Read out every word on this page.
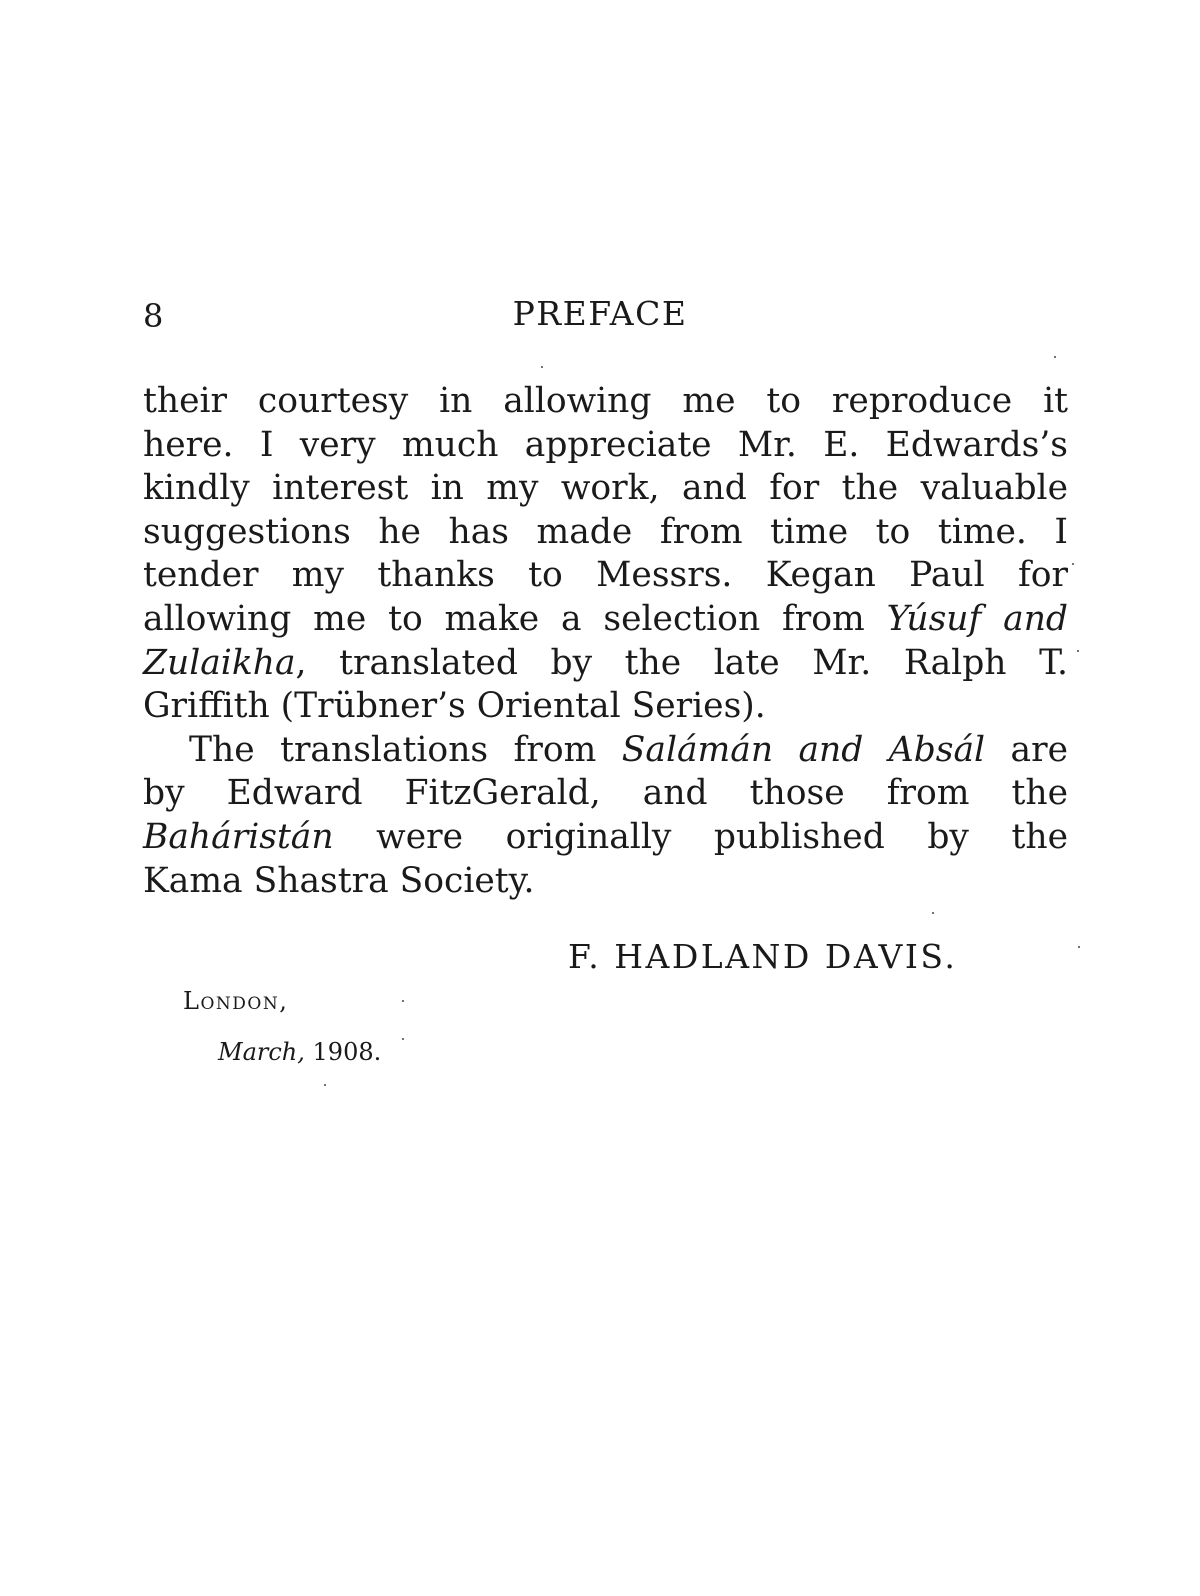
8	PREFACE
their courtesy in allowing me to reproduce it
here. I very much appreciate Mr. E. Edwards’s
kindly interest in my work, and for the valuable
suggestions he has made from time to time. I
tender my thanks to Messrs. Kegan Paul for
allowing me to make a selection from Yúsuf and
Zulaikha, translated by the late Mr. Ralph T.
Griffith (Trübner’s Oriental Series).
The translations from Salámán and Absál are
by Edward FitzGerald, and those from the
Baháristán were originally published by the
Kama Shastra Society.
F. HADLAND DAVIS.
London,
March, 1908.
